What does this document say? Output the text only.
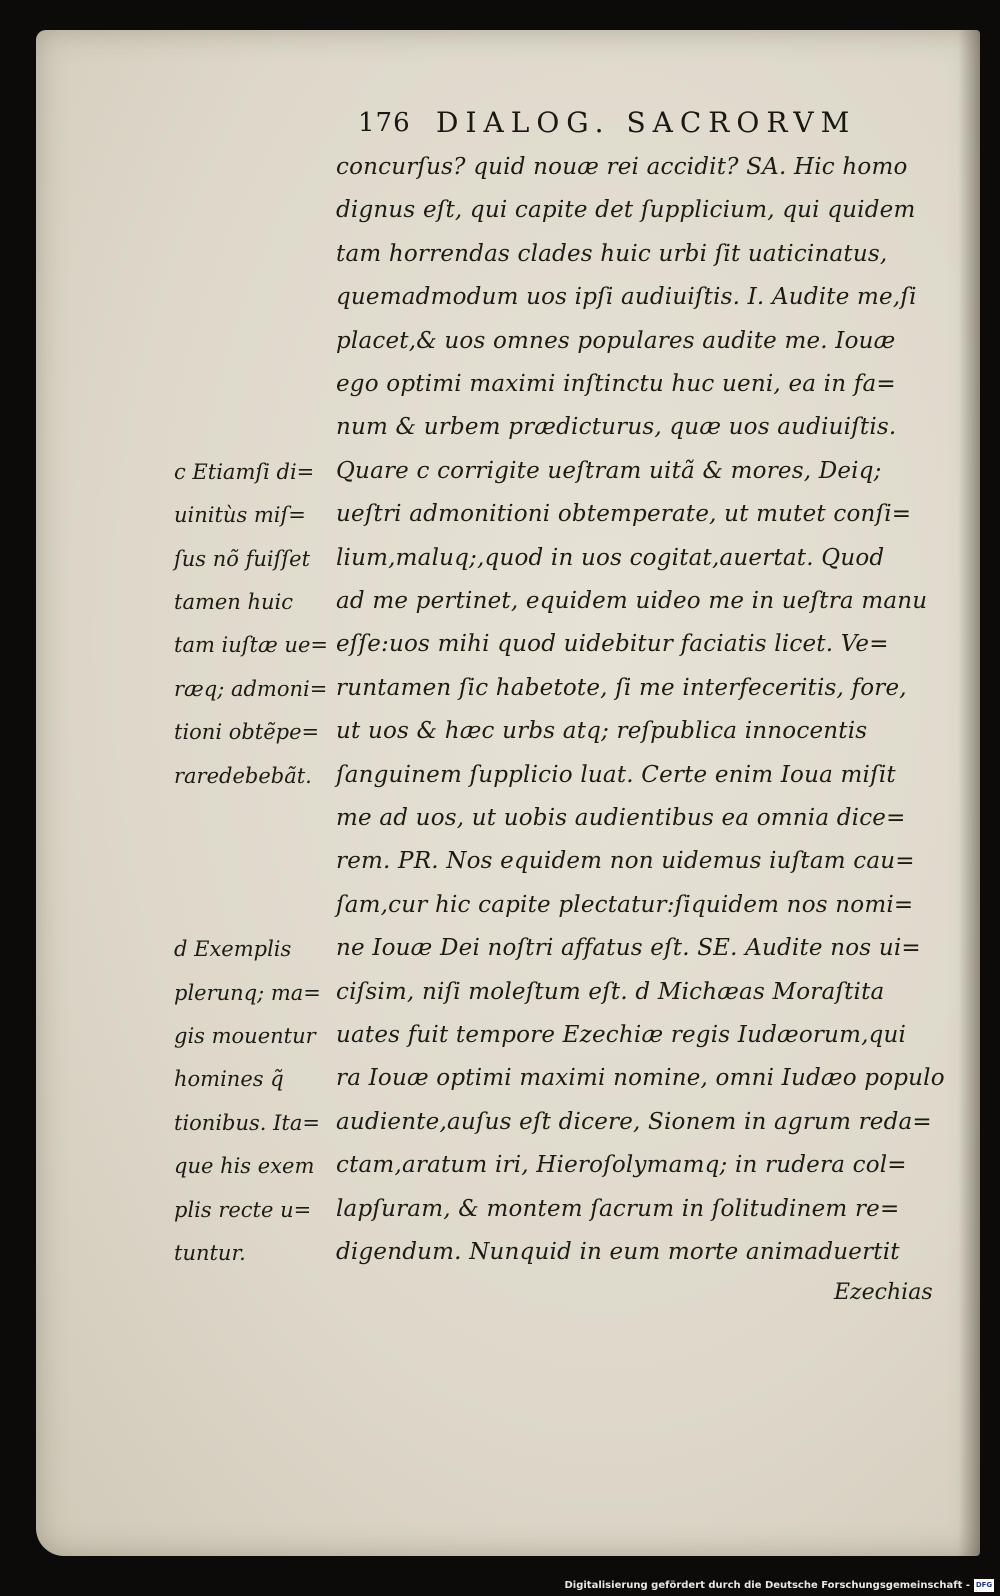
176 DIALOG. SACRORVM
concurſus? quid nouæ rei accidit? SA. Hic homo
dignus eſt, qui capite det ſupplicium, qui quidem
tam horrendas clades huic urbi ſit uaticinatus,
quemadmodum uos ipſi audiuiſtis. I. Audite me,ſi
placet,& uos omnes populares audite me. Iouæ
ego optimi maximi inſtinctu huc ueni, ea in fa=
num & urbem prædicturus, quæ uos audiuiſtis.
Quare c corrigite ueſtram uitã & mores, Deiq;
ueſtri admonitioni obtemperate, ut mutet conſi=
lium,maluq;,quod in uos cogitat,auertat. Quod
ad me pertinet, equidem uideo me in ueſtra manu
eſſe:uos mihi quod uidebitur faciatis licet. Ve=
runtamen ſic habetote, ſi me interfeceritis, fore,
ut uos & hæc urbs atq; reſpublica innocentis
ſanguinem ſupplicio luat. Certe enim Ioua miſit
me ad uos, ut uobis audientibus ea omnia dice=
rem. PR. Nos equidem non uidemus iuſtam cau=
ſam,cur hic capite plectatur:ſiquidem nos nomi=
ne Iouæ Dei noſtri affatus eſt. SE. Audite nos ui=
ciſsim, niſi moleſtum eſt. d Michæas Moraſtita
uates fuit tempore Ezechiæ regis Iudæorum,qui
ra Iouæ optimi maximi nomine, omni Iudæo populo
audiente,auſus eſt dicere, Sionem in agrum reda=
ctam,aratum iri, Hieroſolymamq; in rudera col=
lapſuram, & montem ſacrum in ſolitudinem re=
digendum. Nunquid in eum morte animaduertit
c Etiamſi di=
uinitùs miſ=
ſus nõ fuiſſet
tamen huic
tam iuſtæ ue=
ræq; admoni=
tioni obtẽpe=
raredebebãt.
d Exemplis
plerunq; ma=
gis mouentur
homines q̃
tionibus. Ita=
que his exem
plis recte u=
tuntur.
Ezechias
Digitalisierung gefördert durch die Deutsche Forschungsgemeinschaft - DFG
